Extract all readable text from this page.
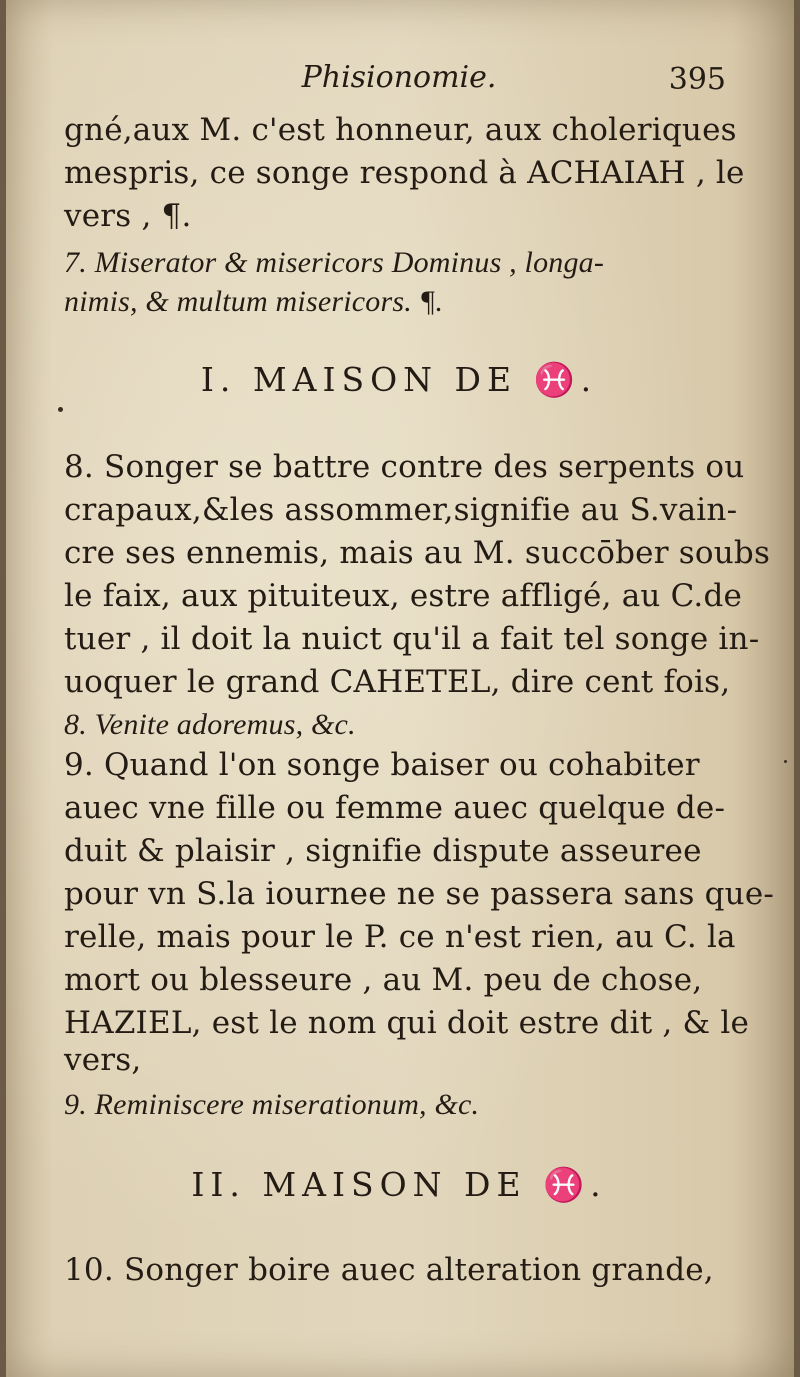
Phisionomie.	395
gné,aux M. c'est honneur, aux choleriques
mespris, ce songe respond à ACHAIAH , le
vers , ¶.
7. Miserator & misericors Dominus , longa-
nimis, & multum misericors. ¶.
I. MAISON DE ♓.
8. Songer se battre contre des serpents ou
crapaux,&les assommer,signifie au S.vain-
cre ses ennemis, mais au M. succōber soubs
le faix, aux pituiteux, estre affligé, au C.de
tuer , il doit la nuict qu'il a fait tel songe in-
uoquer le grand CAHETEL, dire cent fois,
8. Venite adoremus, &c.
9. Quand l'on songe baiser ou cohabiter
auec vne fille ou femme auec quelque de-
duit & plaisir , signifie dispute asseuree
pour vn S.la iournee ne se passera sans que-
relle, mais pour le P. ce n'est rien, au C. la
mort ou blesseure , au M. peu de chose,
HAZIEL, est le nom qui doit estre dit , & le
vers,
9. Reminiscere miserationum, &c.
II. MAISON DE ♓.
10. Songer boire auec alteration grande,
